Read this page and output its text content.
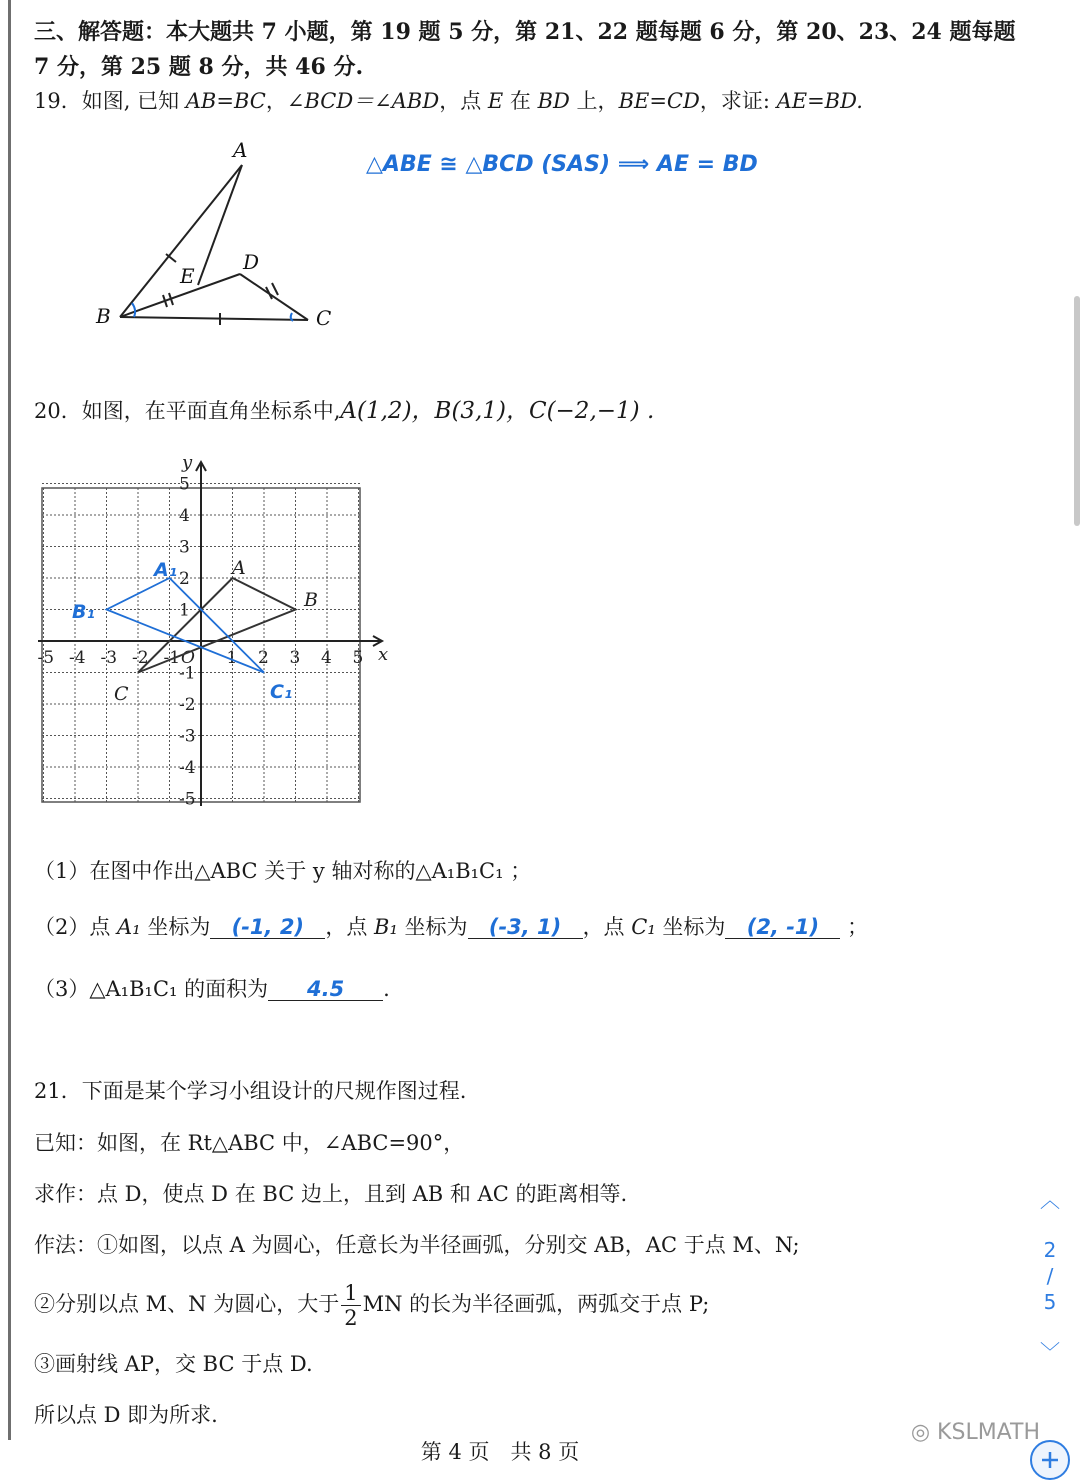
三、解答题：本大题共 7 小题，第 19 题 5 分，第 21、22 题每题 6 分，第 20、23、24 题每题
7 分，第 25 题 8 分，共 46 分.
19．如图, 已知 AB=BC，∠BCD＝∠ABD，点 E 在 BD 上，BE=CD，求证: AE=BD.
A
B	C
D
E
△ABE ≅ △BCD (SAS) ⟹ AE = BD
20．如图，在平面直角坐标系中,A(1,2)，B(3,1)，C(−2,−1) .
-5 -4 -3 -2 -1 O 1 2 3 4 5
5
4
3
2
1
-1
-2
-3
-4
-5
x
y
A
B
C
A₁
B₁
C₁
（1）在图中作出△ABC 关于 y 轴对称的△A₁B₁C₁ ；
（2）点 A₁ 坐标为 (-1, 2) ，点 B₁ 坐标为 (-3, 1) ，点 C₁ 坐标为 (2, -1) ；
（3）△A₁B₁C₁ 的面积为 4.5 .
21．下面是某个学习小组设计的尺规作图过程.
已知：如图，在 Rt△ABC 中，∠ABC=90°，
求作：点 D，使点 D 在 BC 边上，且到 AB 和 AC 的距离相等.
作法：①如图，以点 A 为圆心，任意长为半径画弧，分别交 AB，AC 于点 M、N;
②分别以点 M、N 为圆心，大于 $\frac{1}{2}$ MN 的长为半径画弧，两弧交于点 P;
③画射线 AP，交 BC 于点 D.
所以点 D 即为所求.
第 4 页　共 8 页
◎ KSLMATH
︿
2
/
5
﹀
